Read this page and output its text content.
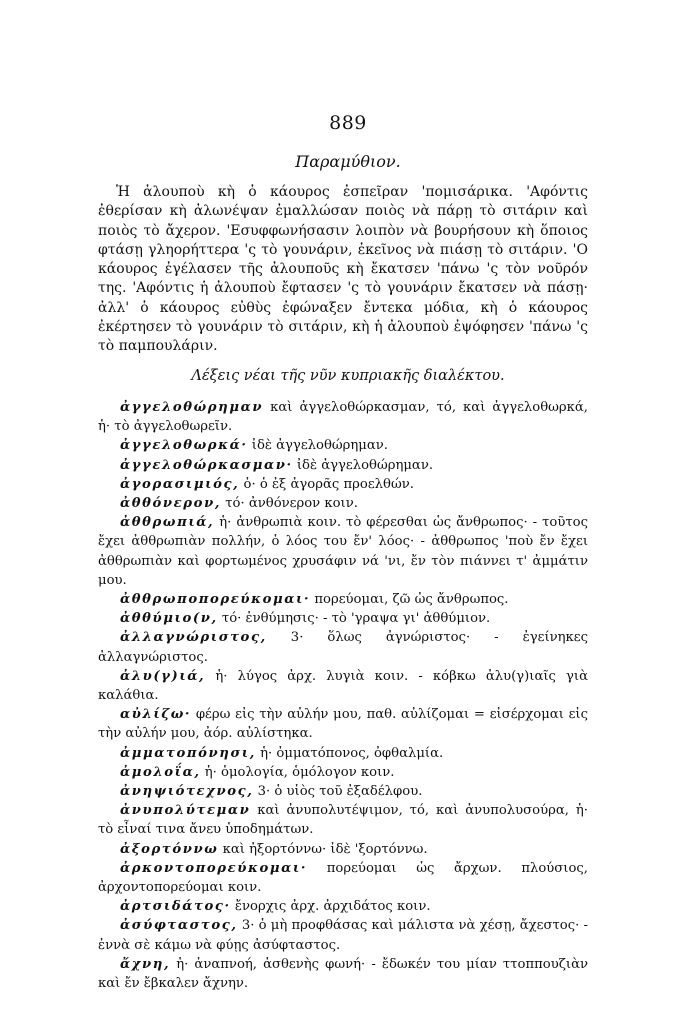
889
Παραμύθιον.

Ἡ ἀλουποὺ κὴ ὁ κάουρος ἐσπεῖραν 'πομισάρικα. 'Αφόντις ἐθερίσαν κὴ ἀλωνέψαν ἐμαλλώσαν ποιὸς νὰ πάρῃ τὸ σιτάριν καὶ ποιὸς τὸ ἄχερον. 'Εσυφφωνήσασιν λοιπὸν νὰ βουρήσουν κὴ ὅποιος φτάσῃ γληορήττερα 'ς τὸ γουνάριν, ἐκεῖνος νὰ πιάσῃ τὸ σιτάριν. 'Ο κάουρος ἐγέλασεν τῆς ἀλουποῦς κὴ ἔκατσεν 'πάνω 'ς τὸν νοῦρόν της. 'Αφόντις ἡ ἀλουποὺ ἔφτασεν 'ς τὸ γουνάριν ἔκατσεν νὰ πάσῃ· ἀλλ' ὁ κάουρος εὐθὺς ἐφώναξεν ἔντεκα μόδια, κὴ ὁ κάουρος ἐκέρτησεν τὸ γουνάριν τὸ σιτάριν, κὴ ἡ ἀλουποὺ ἐψόφησεν 'πάνω 'ς τὸ παμπουλάριν.

Λέξεις νέαι τῆς νῦν κυπριακῆς διαλέκτου.

ἀγγελοθώρημαν καὶ ἀγγελοθώρκασμαν, τό, καὶ ἀγγελοθωρκά, ἡ· τὸ ἀγγελοθωρεῖν.

ἀγγελοθωρκά· ἰδὲ ἀγγελοθώρημαν.

ἀγγελοθώρκασμαν· ἰδὲ ἀγγελοθώρημαν.

ἀγορασιμιός, ὁ· ὁ ἐξ ἀγορᾶς προελθών.

ἀθθόνερον, τό· ἀνθόνερον κοιν.

ἀθθρωπιά, ἡ· ἀνθρωπιὰ κοιν. τὸ φέρεσθαι ὡς ἄνθρωπος· - τοῦτος ἔχει ἀθθρωπιὰν πολλήν, ὁ λόος του ἔν' λόος· - ἀθθρωπος 'ποὺ ἔν ἔχει ἀθθρωπιὰν καὶ φορτωμένος χρυσάφιν νά 'νι, ἔν τὸν πιάννει τ' ἀμμάτιν μου.

ἀθθρωποπορεύκομαι· πορεύομαι, ζῶ ὡς ἄνθρωπος.

ἀθθύμιο(ν, τό· ἐνθύμησις· - τὸ 'γραψα γι' ἀθθύμιον.

ἀλλαγνώριστος, 3· ὅλως ἀγνώριστος· - ἐγείνηκες ἀλλαγνώριστος.

ἀλυ(γ)ιά, ἡ· λύγος ἀρχ. λυγιὰ κοιν. - κόβκω ἀλυ(γ)ιαῖς γιὰ καλάθια.

αὐλίζω· φέρω εἰς τὴν αὐλήν μου, παθ. αὐλίζομαι = εἰσέρχομαι εἰς τὴν αὐλήν μου, ἀόρ. αὐλίστηκα.

ἀμματοπόνησι, ἡ· ὀμματόπονος, ὀφθαλμία.

ἀμολοΐα, ἡ· ὁμολογία, ὁμόλογον κοιν.

ἀνηψιότεχνος, 3· ὁ υἱὸς τοῦ ἐξαδέλφου.

ἀνυπολύτεμαν καὶ ἀνυπολυτέψιμον, τό, καὶ ἀνυπολυσούρα, ἡ· τὸ εἶναί τινα ἄνευ ὑποδημάτων.

ἀξορτόννω καὶ ἠξορτόννω· ἰδὲ 'ξορτόννω.

ἀρκοντοπορεύκομαι· πορεύομαι ὡς ἄρχων. πλούσιος, ἀρχοντοπορεύομαι κοιν.

ἀρτσιδάτος· ἔνορχις ἀρχ. ἀρχιδάτος κοιν.

ἀσύφταστος, 3· ὁ μὴ προφθάσας καὶ μάλιστα νὰ χέσῃ, ἄχεστος· - ἐννὰ σὲ κάμω νὰ φύῃς ἀσύφταστος.

ἄχνη, ἡ· ἀναπνοή, ἀσθενὴς φωνή· - ἔδωκέν του μίαν ττοππουζιὰν καὶ ἔν ἔβκαλεν ἄχνην.
